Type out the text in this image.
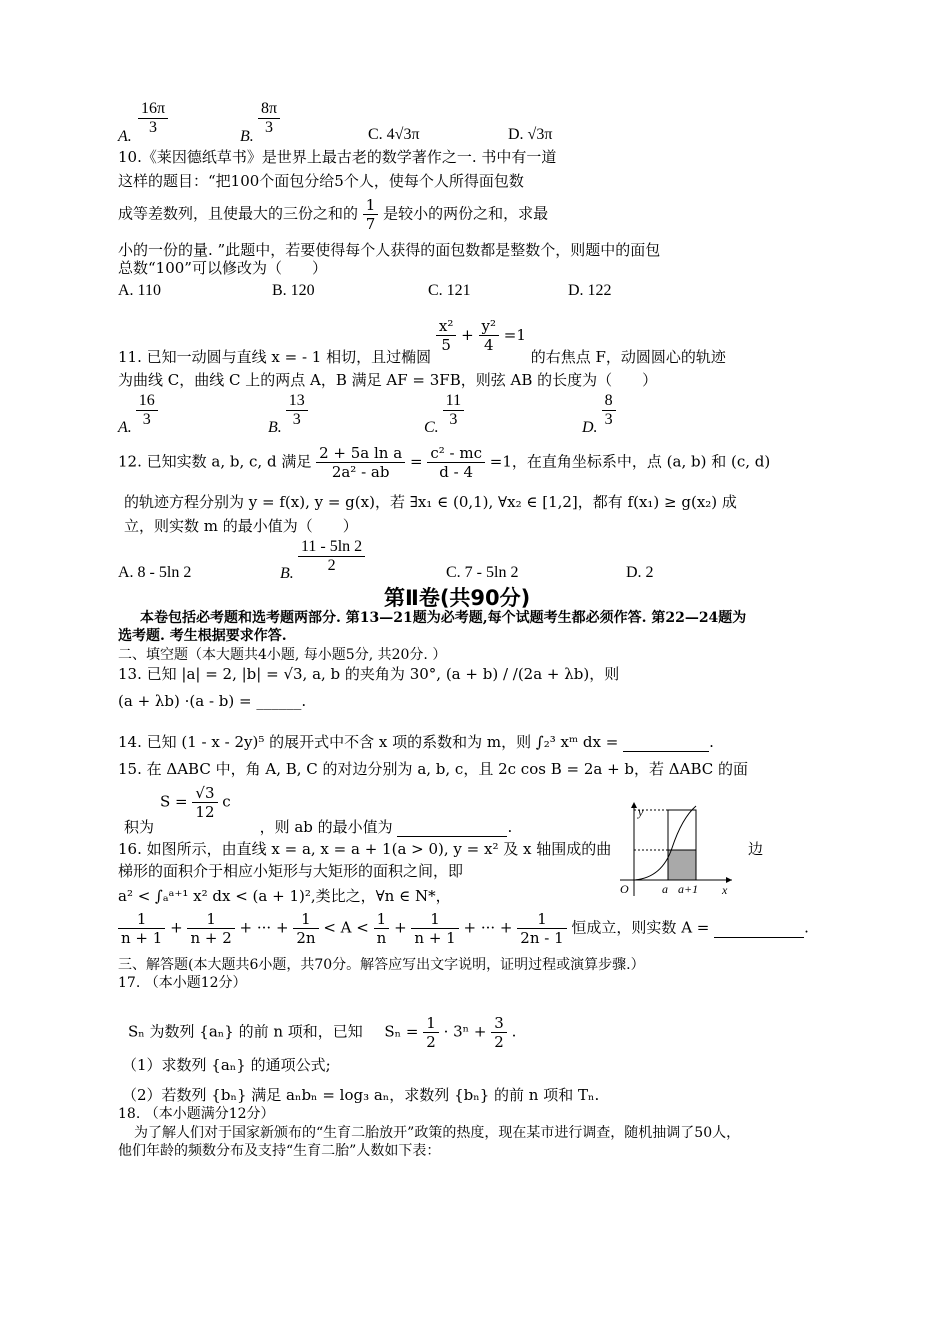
A. $\frac{16\pi}{3}$	B. $\frac{8\pi}{3}$	C. 4√3π	D. √3π
10.《莱因德纸草书》是世界上最古老的数学著作之一. 书中有一道
这样的题目：“把100个面包分给5个人，使每个人所得面包数
成等差数列，且使最大的三份之和的 $\frac{1}{7}$ 是较小的两份之和，求最
小的一份的量. ”此题中，若要使得每个人获得的面包数都是整数个，则题中的面包
总数“100”可以修改为（　　）
A. 110	B. 120	C. 121	D. 122
11. 已知一动圆与直线 x = - 1 相切，且过椭圆
$\frac{\text{x²}}{5} + \frac{\text{y²}}{4} =1$ 的右焦点 F，动圆圆心的轨迹
为曲线 C，曲线 C 上的两点 A，B 满足 AF = 3FB，则弦 AB 的长度为（　　）
A. $\frac{16}{3}$	B. $\frac{13}{3}$	C. $\frac{11}{3}$	D. $\frac{8}{3}$
12. 已知实数 a, b, c, d 满足 $\frac{\text{2 + 5a ln a}}{\text{2a² - ab}} = \frac{\text{c² - mc}}{d - 4} =1$，在直角坐标系中，点 (a, b) 和 (c, d)
的轨迹方程分别为 y = f(x), y = g(x)，若 ∃x₁ ∈ (0,1), ∀x₂ ∈ [1,2]，都有 f(x₁) ≥ g(x₂) 成
立，则实数 m 的最小值为（　　）
A. 8 - 5ln 2	B. $\frac{11 - 5\ln 2}{2}$	C. 7 - 5ln 2	D. 2
第Ⅱ卷(共90分)
本卷包括必考题和选考题两部分. 第13—21题为必考题,每个试题考生都必须作答. 第22—24题为
选考题. 考生根据要求作答.
二、填空题（本大题共4小题, 每小题5分, 共20分. ）
13. 已知 |a| = 2, |b| = √3, a, b 的夹角为 30°, (a + b) / /(2a + λb)，则
(a + λb) ·(a - b) = ______.
14. 已知 (1 - x - 2y)⁵ 的展开式中不含 x 项的系数和为 m，则 ∫₂³ xᵐ dx =	.
15. 在 ΔABC 中，角 A, B, C 的对边分别为 a, b, c，且 2c cos B = 2a + b，若 ΔABC 的面
$S = \frac{√3}{12}$ c
积为	，则 ab 的最小值为	.
16. 如图所示，由直线 x = a, x = a + 1(a > 0), y = x² 及 x 轴围成的曲	边
梯形的面积介于相应小矩形与大矩形的面积之间，即
a² < ∫ₐᵃ⁺¹ x² dx < (a + 1)²,类比之，∀n ∈ N*，
$\frac{1}{n + 1} + \frac{1}{n + 2}$ + ··· + $\frac{1}{2n} < A < \frac{1}{n} + \frac{1}{n + 1}$ + ··· + $\frac{1}{2n - 1}$ 恒成立，则实数 A =	.
y
x
O	a a+1
三、解答题(本大题共6小题，共70分。解答应写出文字说明，证明过程或演算步骤.）
17. （本小题12分）
Sₙ 为数列 {aₙ} 的前 n 项和，已知 $S_n = \frac{1}{2} \cdot 3^n + \frac{3}{2}$ .
（1）求数列 {aₙ} 的通项公式;
（2）若数列 {bₙ} 满足 aₙbₙ = log₃ aₙ，求数列 {bₙ} 的前 n 项和 Tₙ.
18. （本小题满分12分）
为了解人们对于国家新颁布的“生育二胎放开”政策的热度，现在某市进行调查，随机抽调了50人，
他们年龄的频数分布及支持“生育二胎”人数如下表：
